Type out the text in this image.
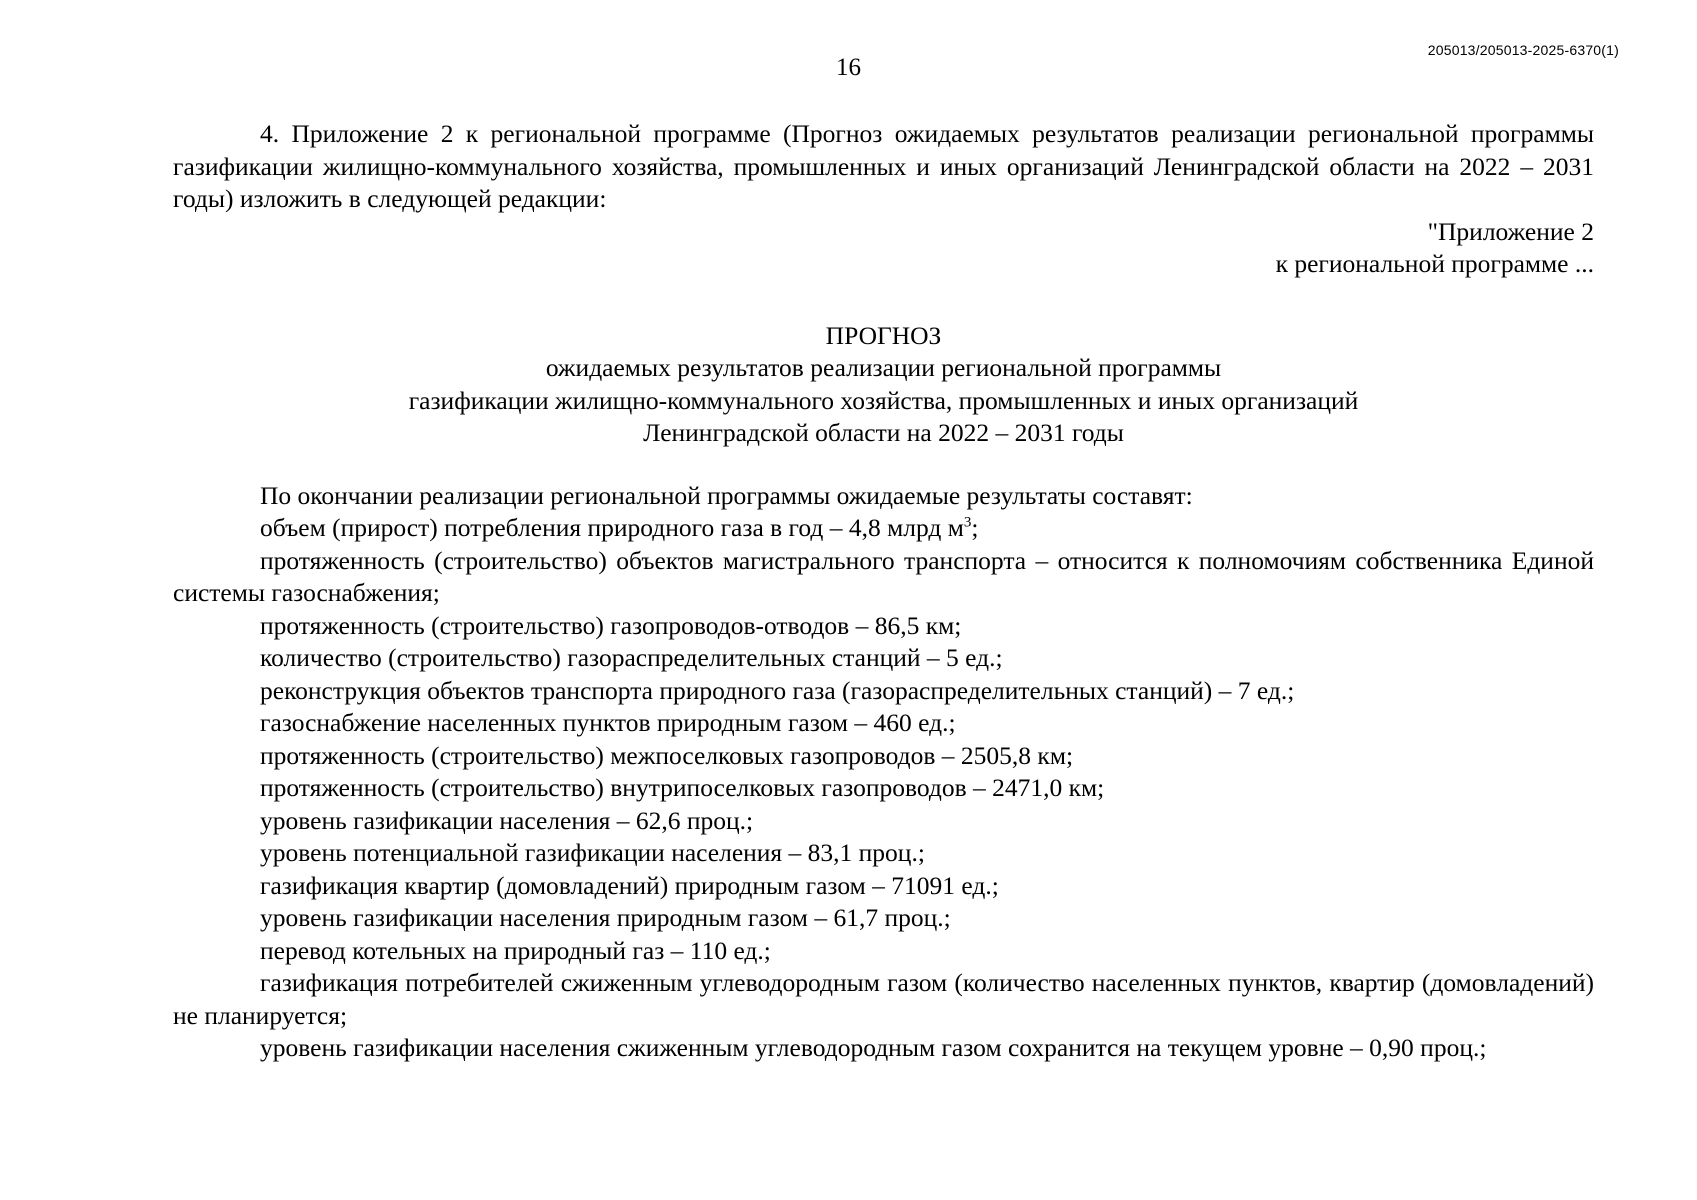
205013/205013-2025-6370(1)
16

4. Приложение 2 к региональной программе (Прогноз ожидаемых результатов реализации региональной программы газификации жилищно-коммунального хозяйства, промышленных и иных организаций Ленинградской области на 2022 – 2031 годы) изложить в следующей редакции:

"Приложение 2

к региональной программе ...

ПРОГНОЗ
ожидаемых результатов реализации региональной программы
газификации жилищно-коммунального хозяйства, промышленных и иных организаций
Ленинградской области на 2022 – 2031 годы

По окончании реализации региональной программы ожидаемые результаты составят:

объем (прирост) потребления природного газа в год – 4,8 млрд $м^3$;

протяженность (строительство) объектов магистрального транспорта – относится к полномочиям собственника Единой системы газоснабжения;

протяженность (строительство) газопроводов-отводов – 86,5 км;

количество (строительство) газораспределительных станций – 5 ед.;

реконструкция объектов транспорта природного газа (газораспределительных станций) – 7 ед.;

газоснабжение населенных пунктов природным газом – 460 ед.;

протяженность (строительство) межпоселковых газопроводов – 2505,8 км;

протяженность (строительство) внутрипоселковых газопроводов – 2471,0 км;

уровень газификации населения – 62,6 проц.;

уровень потенциальной газификации населения – 83,1 проц.;

газификация квартир (домовладений) природным газом – 71091 ед.;

уровень газификации населения природным газом – 61,7 проц.;

перевод котельных на природный газ – 110 ед.;

газификация потребителей сжиженным углеводородным газом (количество населенных пунктов, квартир (домовладений) не планируется;

уровень газификации населения сжиженным углеводородным газом сохранится на текущем уровне – 0,90 проц.;
